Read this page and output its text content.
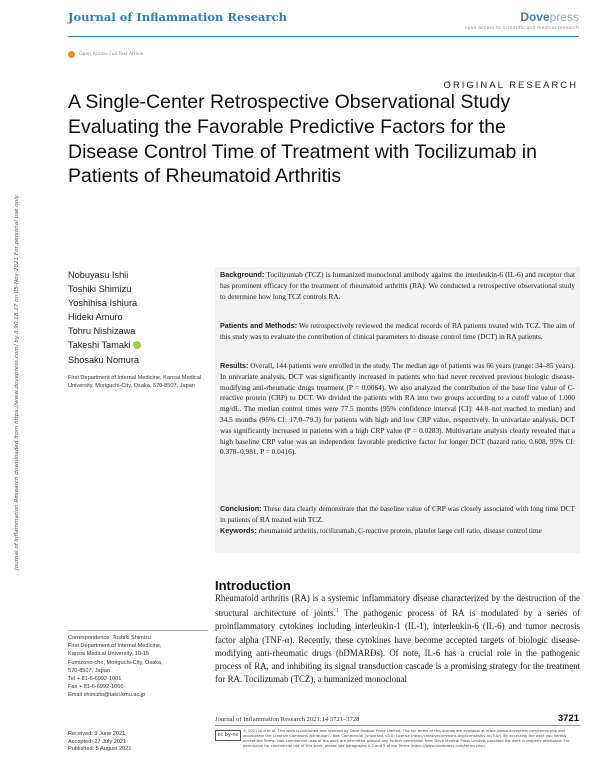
Journal of Inflammation Research	Dovepress
open access to scientific and medical research
Open Access Full Text Article
ORIGINAL RESEARCH
A Single-Center Retrospective Observational Study Evaluating the Favorable Predictive Factors for the Disease Control Time of Treatment with Tocilizumab in Patients of Rheumatoid Arthritis
Journal of Inflammation Research downloaded from https://www.dovepress.com/ by 3.90.18.17 on 05-Nov-2021 For personal use only.	Nobuyasu Ishii
Toshiki Shimizu
Yoshihisa Ishiura
Hideki Amuro
Tohru Nishizawa
Takeshi Tamaki
Shosaku Nomura
First Department of Internal Medicine, Kansai Medical University, Moriguchi-City, Osaka, 570-8507, Japan

Background: Tocilizumab (TCZ) is humanized monoclonal antibody against the interleukin-6 (IL-6) and receptor that has prominent efficacy for the treatment of rheumatoid arthritis (RA). We conducted a retrospective observational study to determine how long TCZ controls RA.

Patients and Methods: We retrospectively reviewed the medical records of RA patients treated with TCZ. The aim of this study was to evaluate the contribution of clinical parameters to disease control time (DCT) in RA patients.

Results: Overall, 144 patients were enrolled in the study. The median age of patients was 66 years (range: 34–85 years). In univariate analysis, DCT was significantly increased in patients who had never received previous biologic disease-modifying anti-rheumatic drugs treatment (P = 0.0064). We also analyzed the contribution of the base line value of C-reactive protein (CRP) to DCT. We divided the patients with RA into two groups according to a cutoff value of 1.000 mg/dL. The median control times were 77.5 months (95% confidence interval [CI]: 44.8–not reached to median) and 34.5 months (95% CI: 17.0–79.3) for patients with high and low CRP value, respectively. In univariate analysis, DCT was significantly increased in patients with a high CRP value (P = 0.0283). Multivariate analysis clearly revealed that a high baseline CRP value was an independent favorable predictive factor for longer DCT (hazard ratio, 0.608, 95% CI: 0.378–0.981, P = 0.0416).

Conclusion: These data clearly demonstrate that the baseline value of CRP was closely associated with long time DCT in patients of RA treated with TCZ.

Keywords: rheumatoid arthritis, tocilizumab, C-reactive protein, platelet large cell ratio, disease control time

Introduction
Rheumatoid arthritis (RA) is a systemic inflammatory disease characterized by the destruction of the structural architecture of joints.$^1$ The pathogenic process of RA is modulated by a series of proinflammatory cytokines including interleukin-1 (IL-1), interleukin-6 (IL-6) and tumor necrosis factor alpha (TNF-α). Recently, these cytokines have become accepted targets of biologic disease-modifying anti-rheumatic drugs (bDMARDs). Of note, IL-6 has a crucial role in the pathogenic process of RA, and inhibiting its signal transduction cascade is a promising strategy for the treatment for RA. Tocilizumab (TCZ), a humanized monoclonal
Correspondence: Toshiki Shimizu
First Department of Internal Medicine,
Kansai Medical University, 10-15
Fumizono-cho, Moriguchi-City, Osaka,
570-8507, Japan
Tel + 81-6-6992-1001
Fax + 81-6-6992-1066
Email shimizto@takii.kmu.ac.jp
Received: 9 June 2021
Accepted: 27 July 2021
Published: 5 August 2021
Journal of Inflammation Research 2021:14 3721–3728	3721
cc by-nc
© 2021 Ishii et al. This work is published and licensed by Dove Medical Press Limited. The full terms of this license are available at https://www.dovepress.com/terms.php and incorporate the Creative Commons Attribution – Non Commercial (unported, v3.0) License (http://creativecommons.org/licenses/by-nc/3.0/). By accessing the work you hereby accept the Terms. Non-commercial uses of the work are permitted without any further permission from Dove Medical Press Limited, provided the work is properly attributed. For permission for commercial use of this work, please see paragraphs 4.2 and 5 of our Terms (https://www.dovepress.com/terms.php).
